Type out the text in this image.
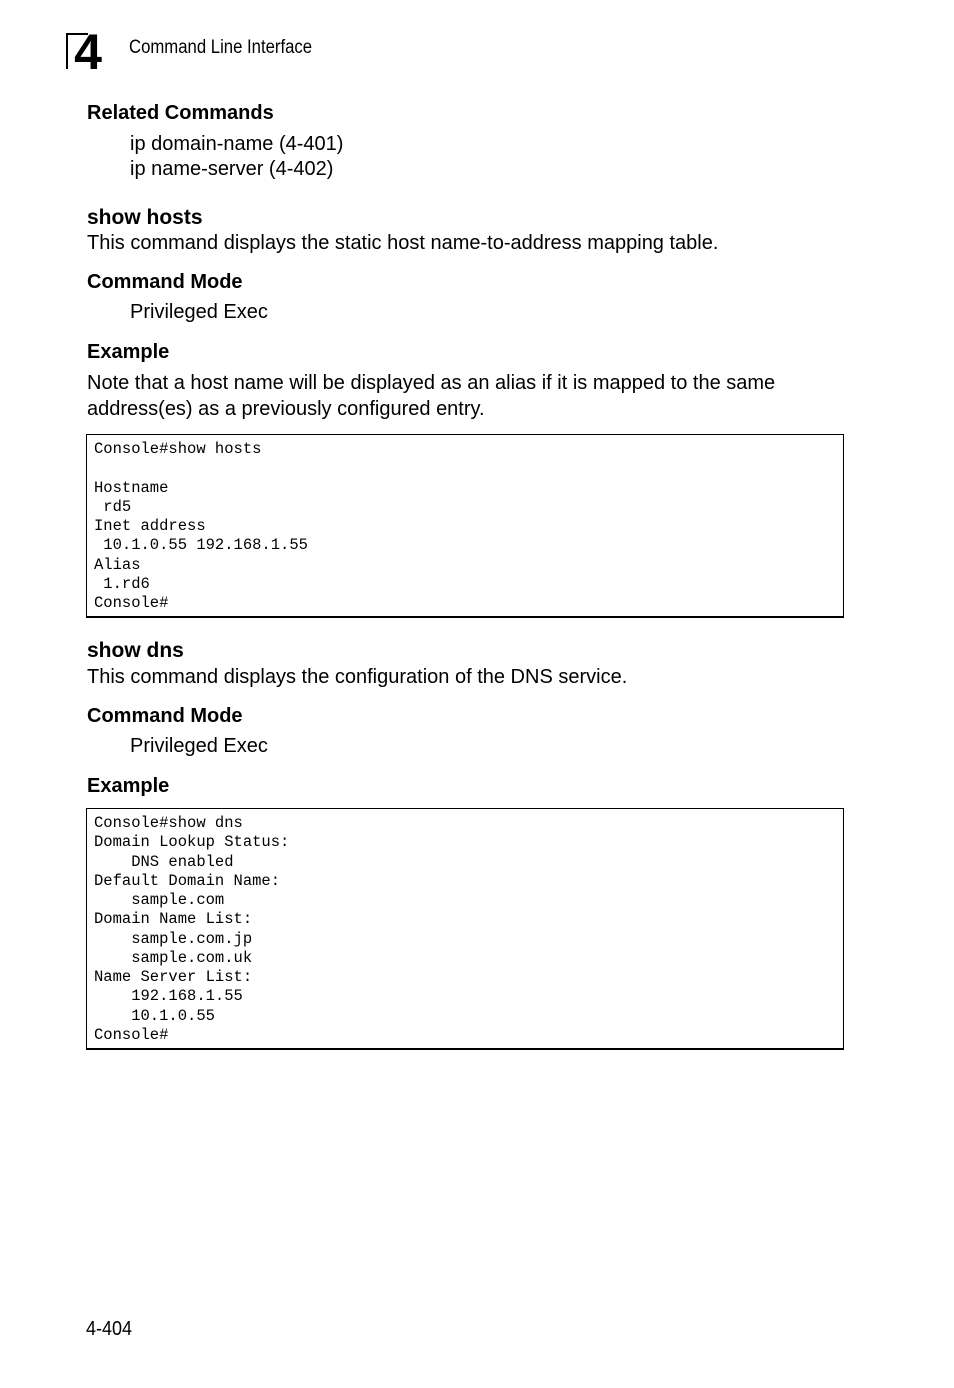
4	Command Line Interface
Related Commands
ip domain-name (4-401)
ip name-server (4-402)
show hosts
This command displays the static host name-to-address mapping table.
Command Mode
Privileged Exec
Example
Note that a host name will be displayed as an alias if it is mapped to the same
address(es) as a previously configured entry.
Console#show hosts

Hostname
rd5
Inet address
10.1.0.55 192.168.1.55
Alias
1.rd6
Console#
show dns
This command displays the configuration of the DNS service.
Command Mode
Privileged Exec
Example
Console#show dns
Domain Lookup Status:
DNS enabled
Default Domain Name:
sample.com
Domain Name List:
sample.com.jp
sample.com.uk
Name Server List:
192.168.1.55
10.1.0.55
Console#
4-404
